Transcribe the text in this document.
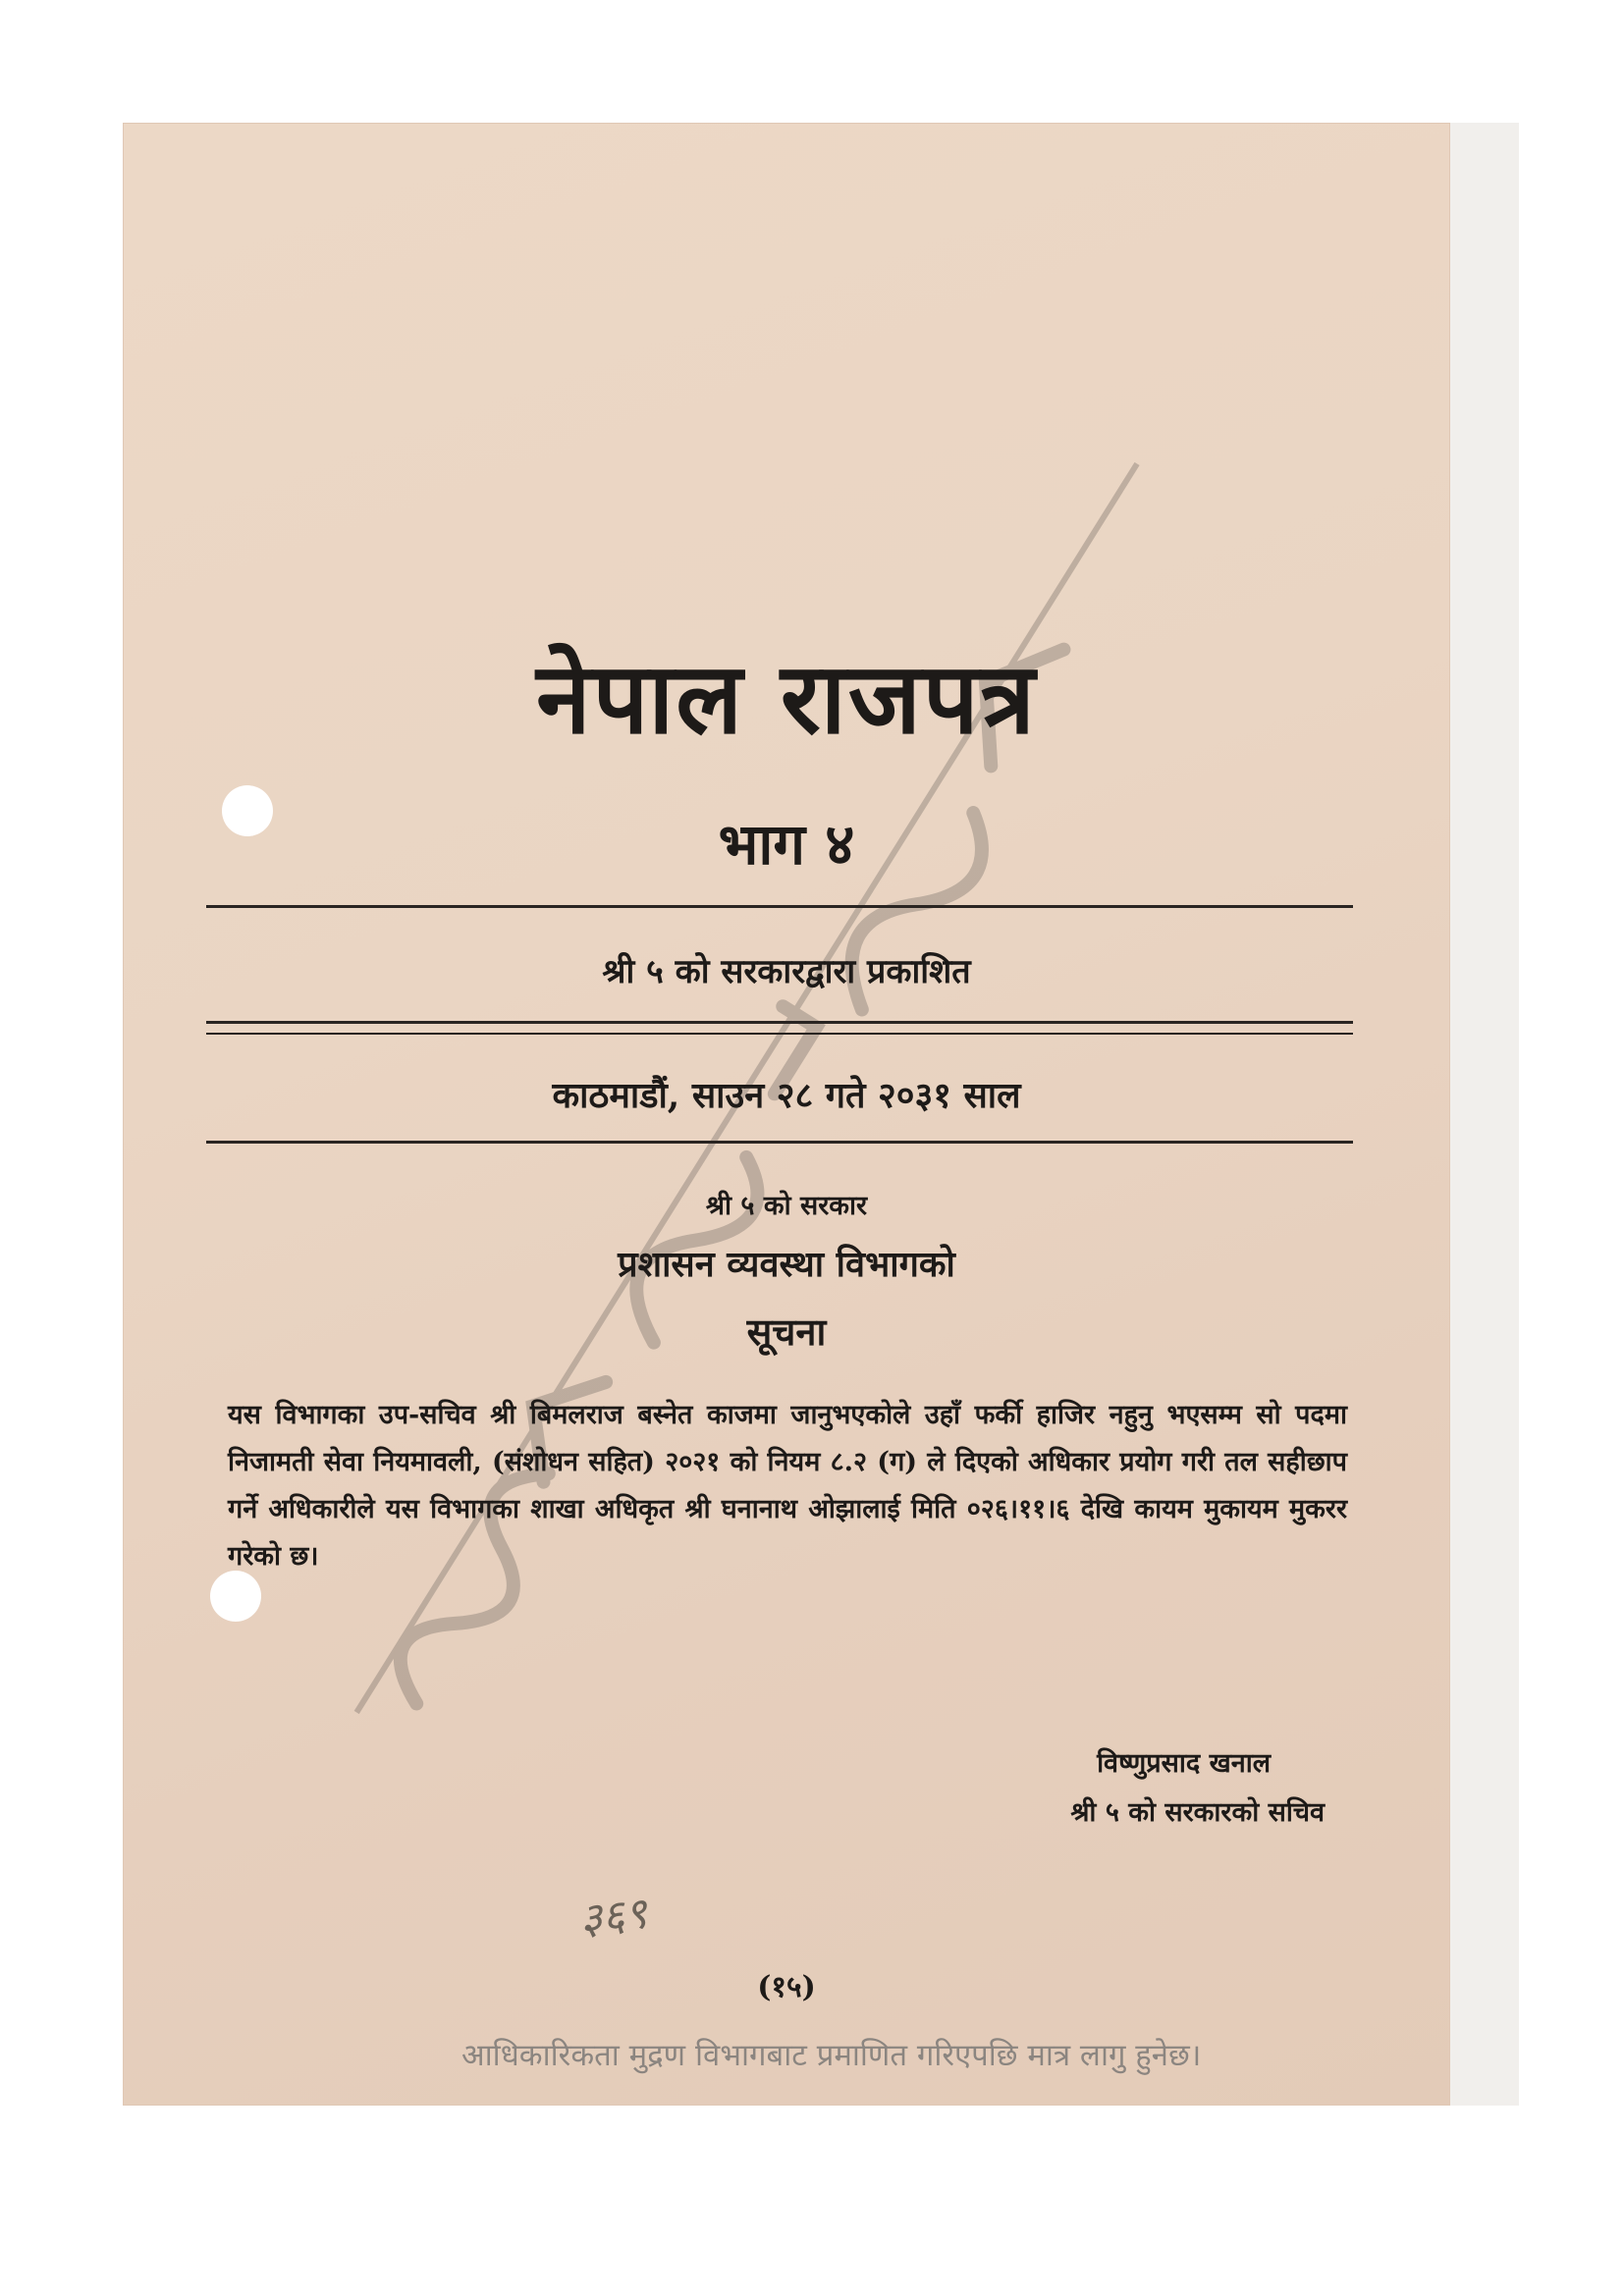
नेपाल राजपत्र
भाग ४
श्री ५ को सरकारद्वारा प्रकाशित
काठमाडौं, साउन २८ गते २०३१ साल
श्री ५ को सरकार
प्रशासन व्यवस्था विभागको
सूचना
यस विभागका उप-सचिव श्री बिमलराज बस्नेत काजमा जानुभएकोले उहाँ फर्की हाजिर नहुनु भएसम्म सो पदमा निजामती सेवा नियमावली, (संशोधन सहित) २०२१ को नियम ८.२ (ग) ले दिएको अधिकार प्रयोग गरी तल सहीछाप गर्ने अधिकारीले यस विभागका शाखा अधिकृत श्री घनानाथ ओझालाई मिति ०२६।११।६ देखि कायम मुकायम मुकरर गरेको छ।
विष्णुप्रसाद खनाल
श्री ५ को सरकारको सचिव
३६९
(१५)
आधिकारिकता मुद्रण विभागबाट प्रमाणित गरिएपछि मात्र लागु हुनेछ।
